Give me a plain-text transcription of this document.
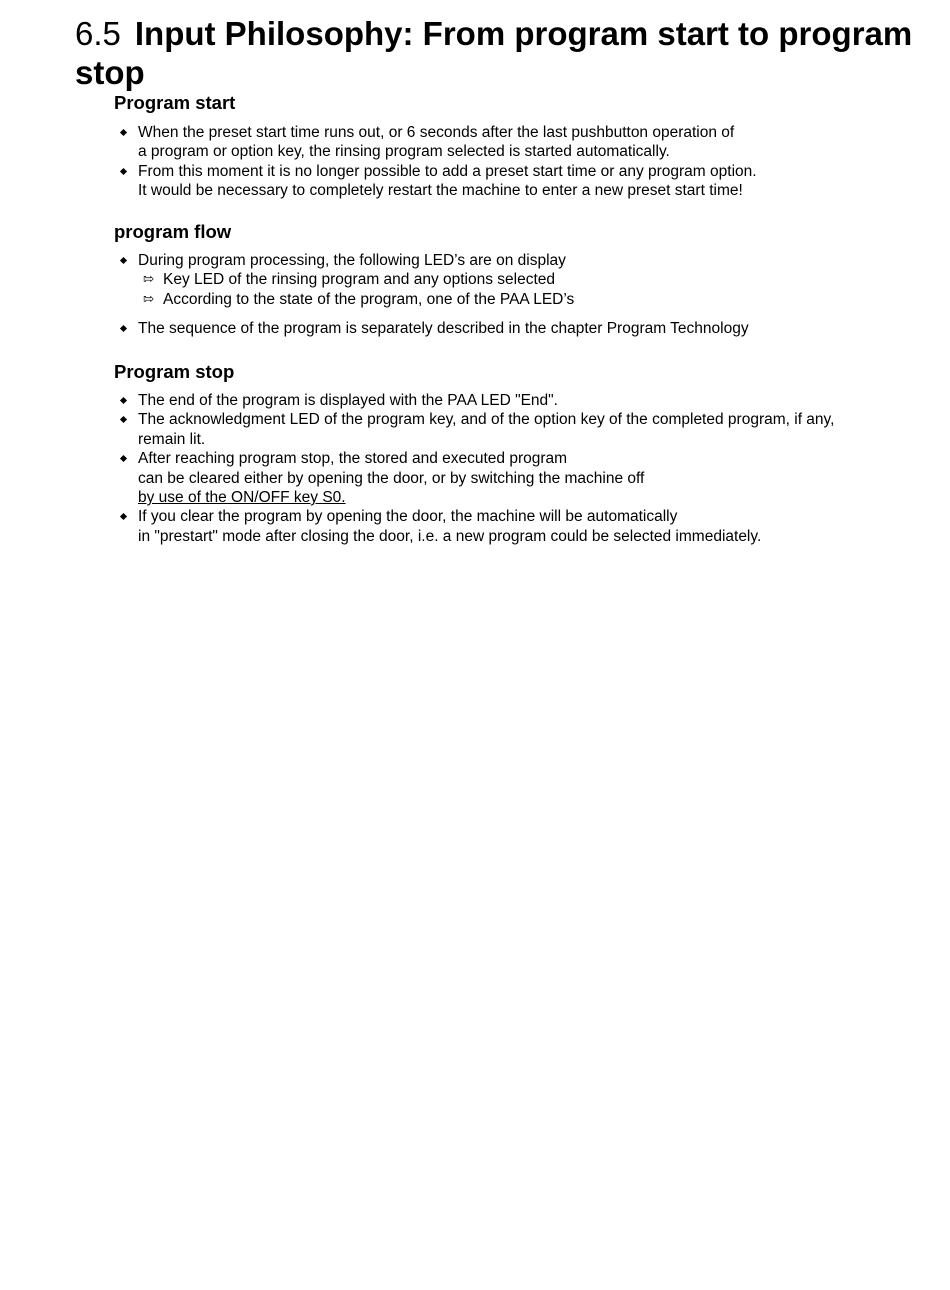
6.5 Input Philosophy: From program start to program
stop
Program start
When the preset start time runs out, or 6 seconds after the last pushbutton operation of
a program or option key, the rinsing program selected is started automatically.
From this moment it is no longer possible to add a preset start time or any program option.
It would be necessary to completely restart the machine to enter a new preset start time!
program flow
During program processing, the following LED’s are on display
⇰ Key LED of the rinsing program and any options selected
⇰ According to the state of the program, one of the PAA LED’s
The sequence of the program is separately described in the chapter Program Technology
Program stop
The end of the program is displayed with the PAA LED "End".
The acknowledgment LED of the program key, and of the option key of the completed program, if any,
remain lit.
After reaching program stop, the stored and executed program
can be cleared either by opening the door, or by switching the machine off
by use of the ON/OFF key S0.
If you clear the program by opening the door, the machine will be automatically
in "prestart" mode after closing the door, i.e. a new program could be selected immediately.
